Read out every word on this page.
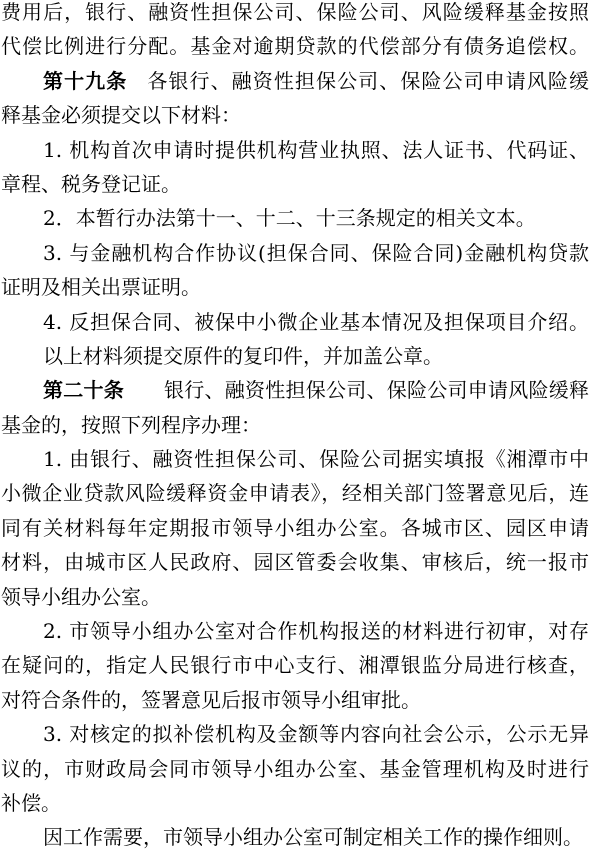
费用后，银行、融资性担保公司、保险公司、风险缓释基金按照
代偿比例进行分配。基金对逾期贷款的代偿部分有债务追偿权。
第十九条 各银行、融资性担保公司、保险公司申请风险缓
释基金必须提交以下材料：
1. 机构首次申请时提供机构营业执照、法人证书、代码证、
章程、税务登记证。
2．本暂行办法第十一、十二、十三条规定的相关文本。
3. 与金融机构合作协议(担保合同、保险合同)金融机构贷款
证明及相关出票证明。
4. 反担保合同、被保中小微企业基本情况及担保项目介绍。
以上材料须提交原件的复印件，并加盖公章。
第二十条 银行、融资性担保公司、保险公司申请风险缓释
基金的，按照下列程序办理：
1. 由银行、融资性担保公司、保险公司据实填报《湘潭市中
小微企业贷款风险缓释资金申请表》，经相关部门签署意见后，连
同有关材料每年定期报市领导小组办公室。各城市区、园区申请
材料，由城市区人民政府、园区管委会收集、审核后，统一报市
领导小组办公室。
2. 市领导小组办公室对合作机构报送的材料进行初审，对存
在疑问的，指定人民银行市中心支行、湘潭银监分局进行核查，
对符合条件的，签署意见后报市领导小组审批。
3. 对核定的拟补偿机构及金额等内容向社会公示，公示无异
议的，市财政局会同市领导小组办公室、基金管理机构及时进行
补偿。
因工作需要，市领导小组办公室可制定相关工作的操作细则。
